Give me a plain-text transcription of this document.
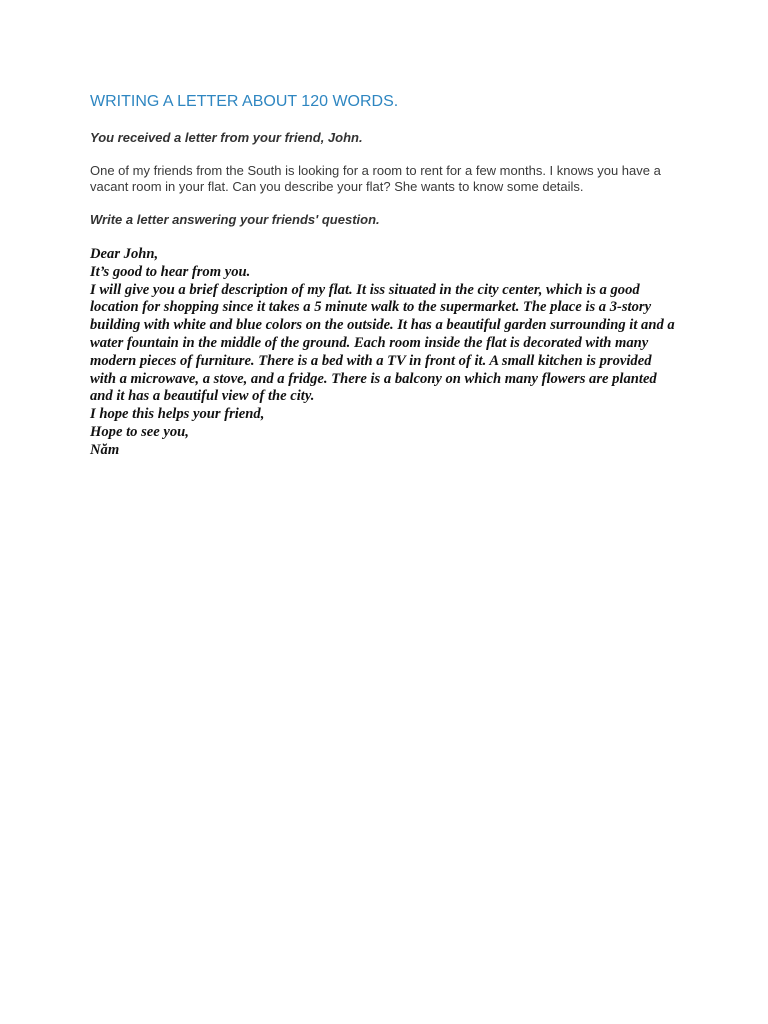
WRITING A LETTER ABOUT 120 WORDS.

You received a letter from your friend, John.

One of my friends from the South is looking for a room to rent for a few months. I knows you have a vacant room in your flat. Can you describe your flat? She wants to know some details.

Write a letter answering your friends' question.

Dear John,

It’s good to hear from you.

I will give you a brief description of my flat. It iss situated in the city center, which is a good location for shopping since it takes a 5 minute walk to the supermarket. The place is a 3-story building with white and blue colors on the outside. It has a beautiful garden surrounding it and a water fountain in the middle of the ground. Each room inside the flat is decorated with many modern pieces of furniture. There is a bed with a TV in front of it. A small kitchen is provided with a microwave, a stove, and a fridge. There is a balcony on which many flowers are planted and it has a beautiful view of the city.

I hope this helps your friend,

Hope to see you,

Năm
